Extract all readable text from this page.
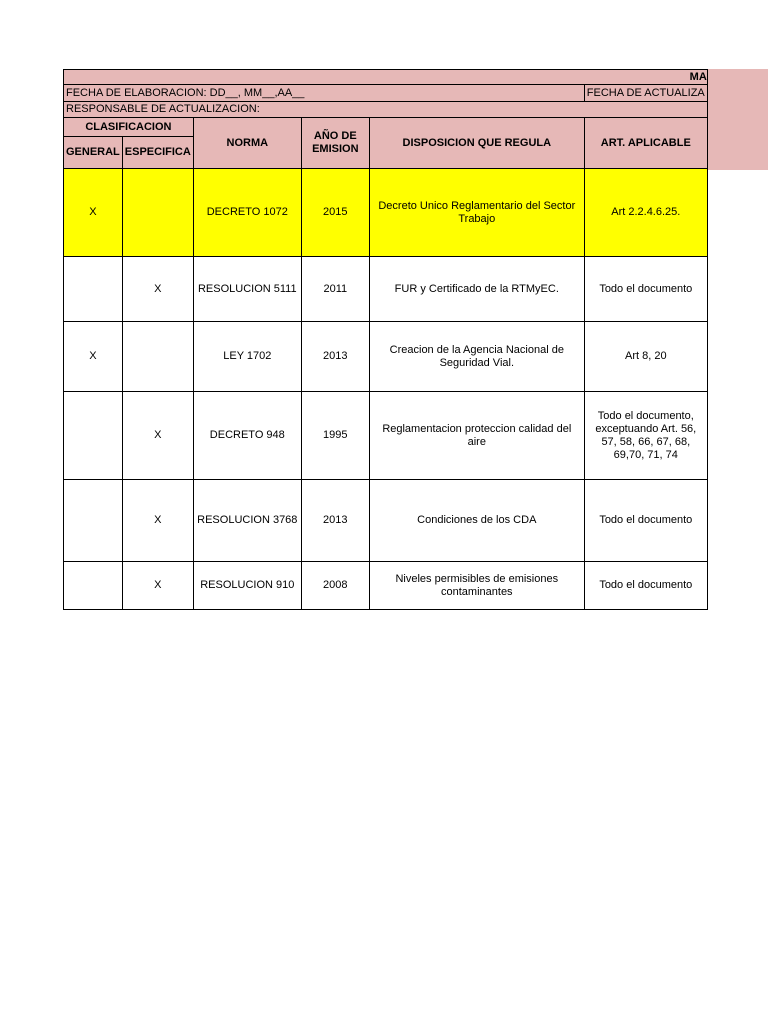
MA					

FECHA DE ELABORACION: DD__, MM__,AA__					FECHA DE ACTUALIZA
RESPONSABLE DE ACTUALIZACION:					
CLASIFICACION		NORMA	AÑO DE EMISION	DISPOSICION QUE REGULA	ART. APLICABLE
GENERAL	ESPECIFICA				
X		DECRETO 1072	2015	Decreto Unico Reglamentario del Sector Trabajo	Art 2.2.4.6.25.
	X	RESOLUCION 5111	2011	FUR y Certificado de la RTMyEC.	Todo el documento
X		LEY 1702	2013	Creacion de la Agencia Nacional de Seguridad Vial.	Art 8, 20
	X	DECRETO 948	1995	Reglamentacion proteccion calidad del aire	Todo el documento, exceptuando Art. 56, 57, 58, 66, 67, 68, 69,70, 71, 74
	X	RESOLUCION 3768	2013	Condiciones de los CDA	Todo el documento
	X	RESOLUCION 910	2008	Niveles permisibles de emisiones contaminantes	Todo el documento
